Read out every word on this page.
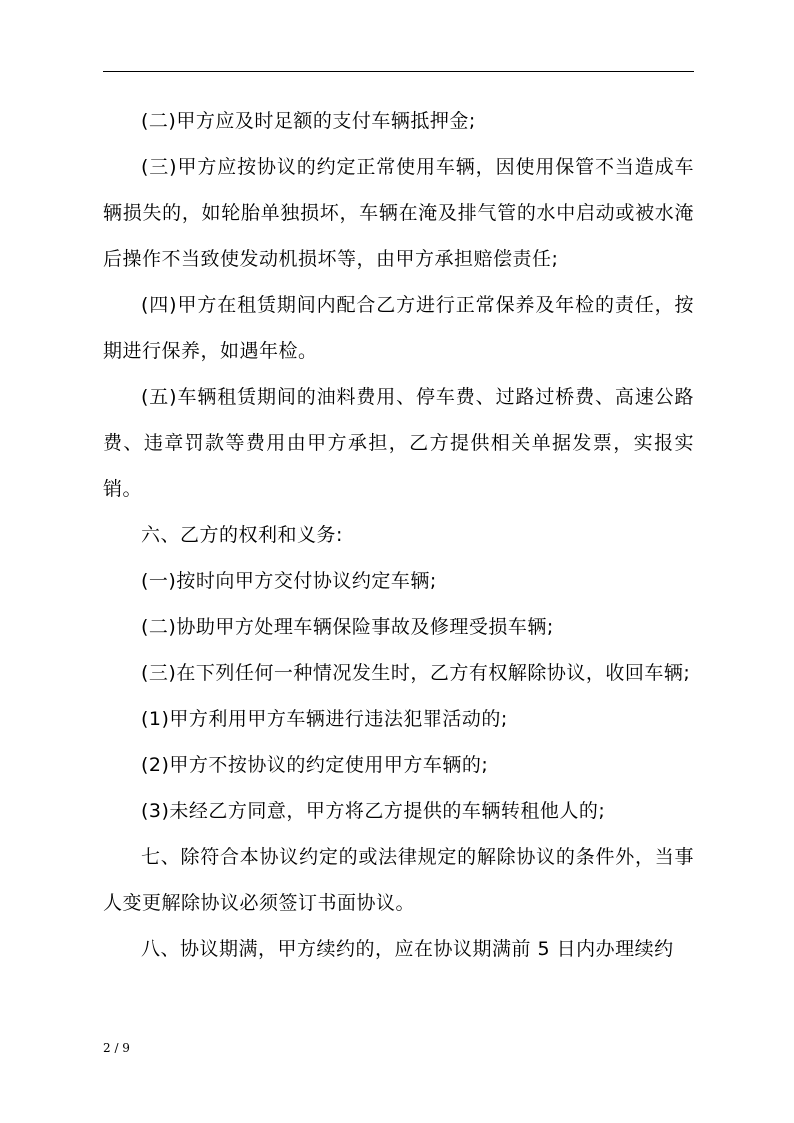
(二)甲方应及时足额的支付车辆抵押金;

(三)甲方应按协议的约定正常使用车辆，因使用保管不当造成车辆损失的，如轮胎单独损坏，车辆在淹及排气管的水中启动或被水淹后操作不当致使发动机损坏等，由甲方承担赔偿责任;

(四)甲方在租赁期间内配合乙方进行正常保养及年检的责任，按期进行保养，如遇年检。

(五)车辆租赁期间的油料费用、停车费、过路过桥费、高速公路费、违章罚款等费用由甲方承担，乙方提供相关单据发票，实报实销。

六、乙方的权利和义务:

(一)按时向甲方交付协议约定车辆;

(二)协助甲方处理车辆保险事故及修理受损车辆;

(三)在下列任何一种情况发生时，乙方有权解除协议，收回车辆;

(1)甲方利用甲方车辆进行违法犯罪活动的;

(2)甲方不按协议的约定使用甲方车辆的;

(3)未经乙方同意，甲方将乙方提供的车辆转租他人的;

七、除符合本协议约定的或法律规定的解除协议的条件外，当事人变更解除协议必须签订书面协议。

八、协议期满，甲方续约的，应在协议期满前 5 日内办理续约

2 / 9
